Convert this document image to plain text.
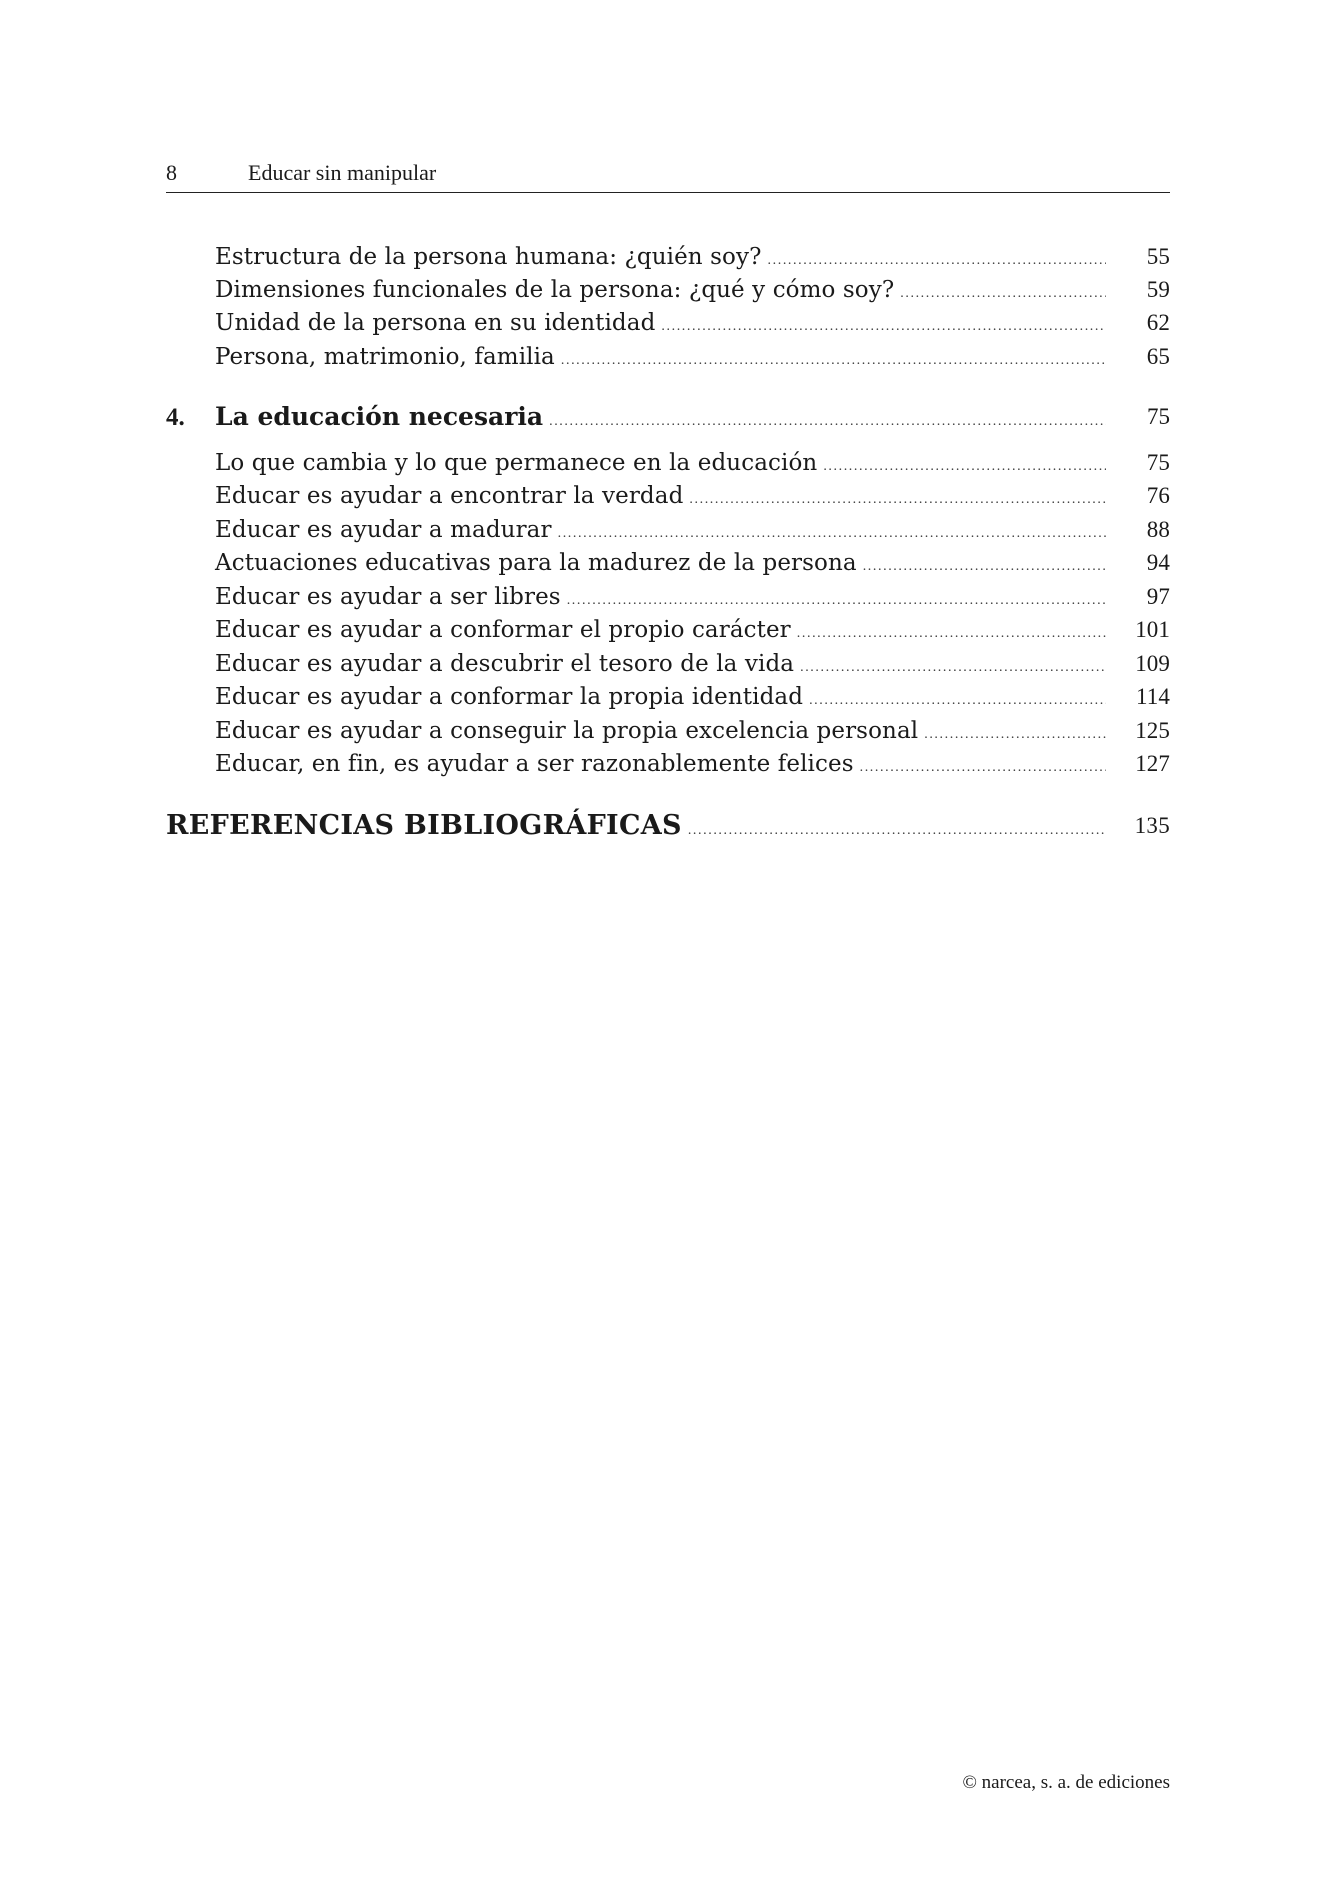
8	Educar sin manipular
Estructura de la persona humana: ¿quién soy? .....	55
Dimensiones funcionales de la persona: ¿qué y cómo soy? .....	59
Unidad de la persona en su identidad .....	62
Persona, matrimonio, familia .....	65
4.	La educación necesaria .....	75
Lo que cambia y lo que permanece en la educación .....	75
Educar es ayudar a encontrar la verdad .....	76
Educar es ayudar a madurar .....	88
Actuaciones educativas para la madurez de la persona .....	94
Educar es ayudar a ser libres .....	97
Educar es ayudar a conformar el propio carácter .....	101
Educar es ayudar a descubrir el tesoro de la vida .....	109
Educar es ayudar a conformar la propia identidad .....	114
Educar es ayudar a conseguir la propia excelencia personal .....	125
Educar, en fin, es ayudar a ser razonablemente felices .....	127
REFERENCIAS BIBLIOGRÁFICAS .....	135
© narcea, s. a. de ediciones
